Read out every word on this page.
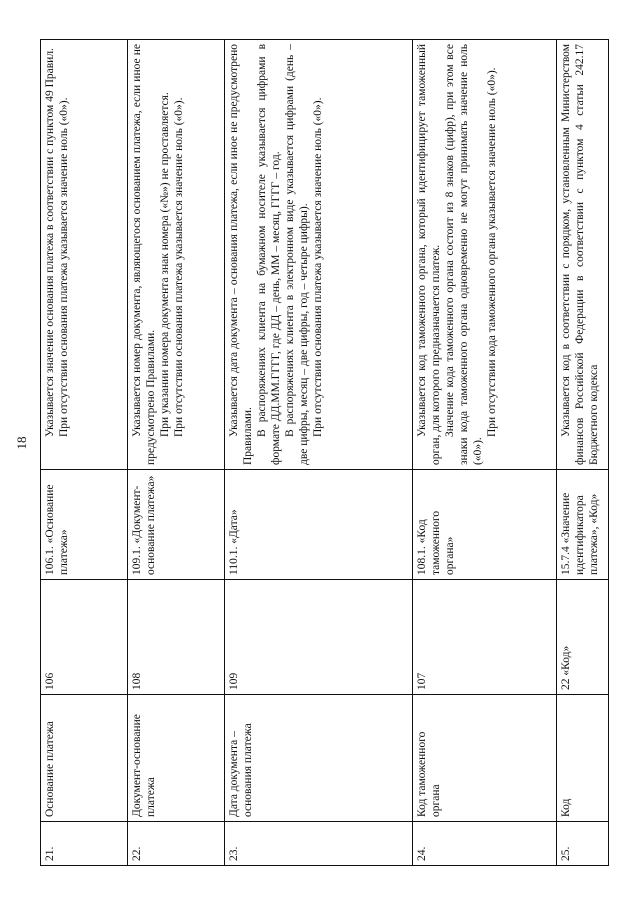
18
21.	Основание платежа	106	106.1. «Основание платежа»	Указывается значение основания платежа в соответствии с пунктом 49 Правил. При отсутствии основания платежа указывается значение ноль («0»).

22.	Документ-основание платежа	108	109.1. «Документ-основание платежа»	Указывается номер документа, являющегося основанием платежа, если иное не предусмотрено Правилами. При указании номера документа знак номера («№») не проставляется. При отсутствии основания платежа указывается значение ноль («0»).

23.	Дата документа – основания платежа	109	110.1. «Дата»	Указывается дата документа – основания платежа, если иное не предусмотрено Правилами. В распоряжениях клиента на бумажном носителе указывается цифрами в формате ДД.ММ.ГГГГ, где ДД – день, ММ – месяц, ГГГГ – год. В распоряжениях клиента в электронном виде указывается цифрами (день – две цифры, месяц – две цифры, год – четыре цифры). При отсутствии основания платежа указывается значение ноль («0»).

24.	Код таможенного органа	107	108.1. «Код таможенного органа»	Указывается код таможенного органа, который идентифицирует таможенный орган, для которого предназначается платеж. Значение кода таможенного органа состоит из 8 знаков (цифр), при этом все знаки кода таможенного органа одновременно не могут принимать значение ноль («0»).

При отсутствии кода таможенного органа указывается значение ноль («0»).

25.	Код	22 «Код»	15.7.4 «Значение идентификатора платежа», «Код»	Указывается код в соответствии с порядком, установленным Министерством финансов Российской Федерации в соответствии с пунктом 4 статьи 242.17 Бюджетного кодекса
